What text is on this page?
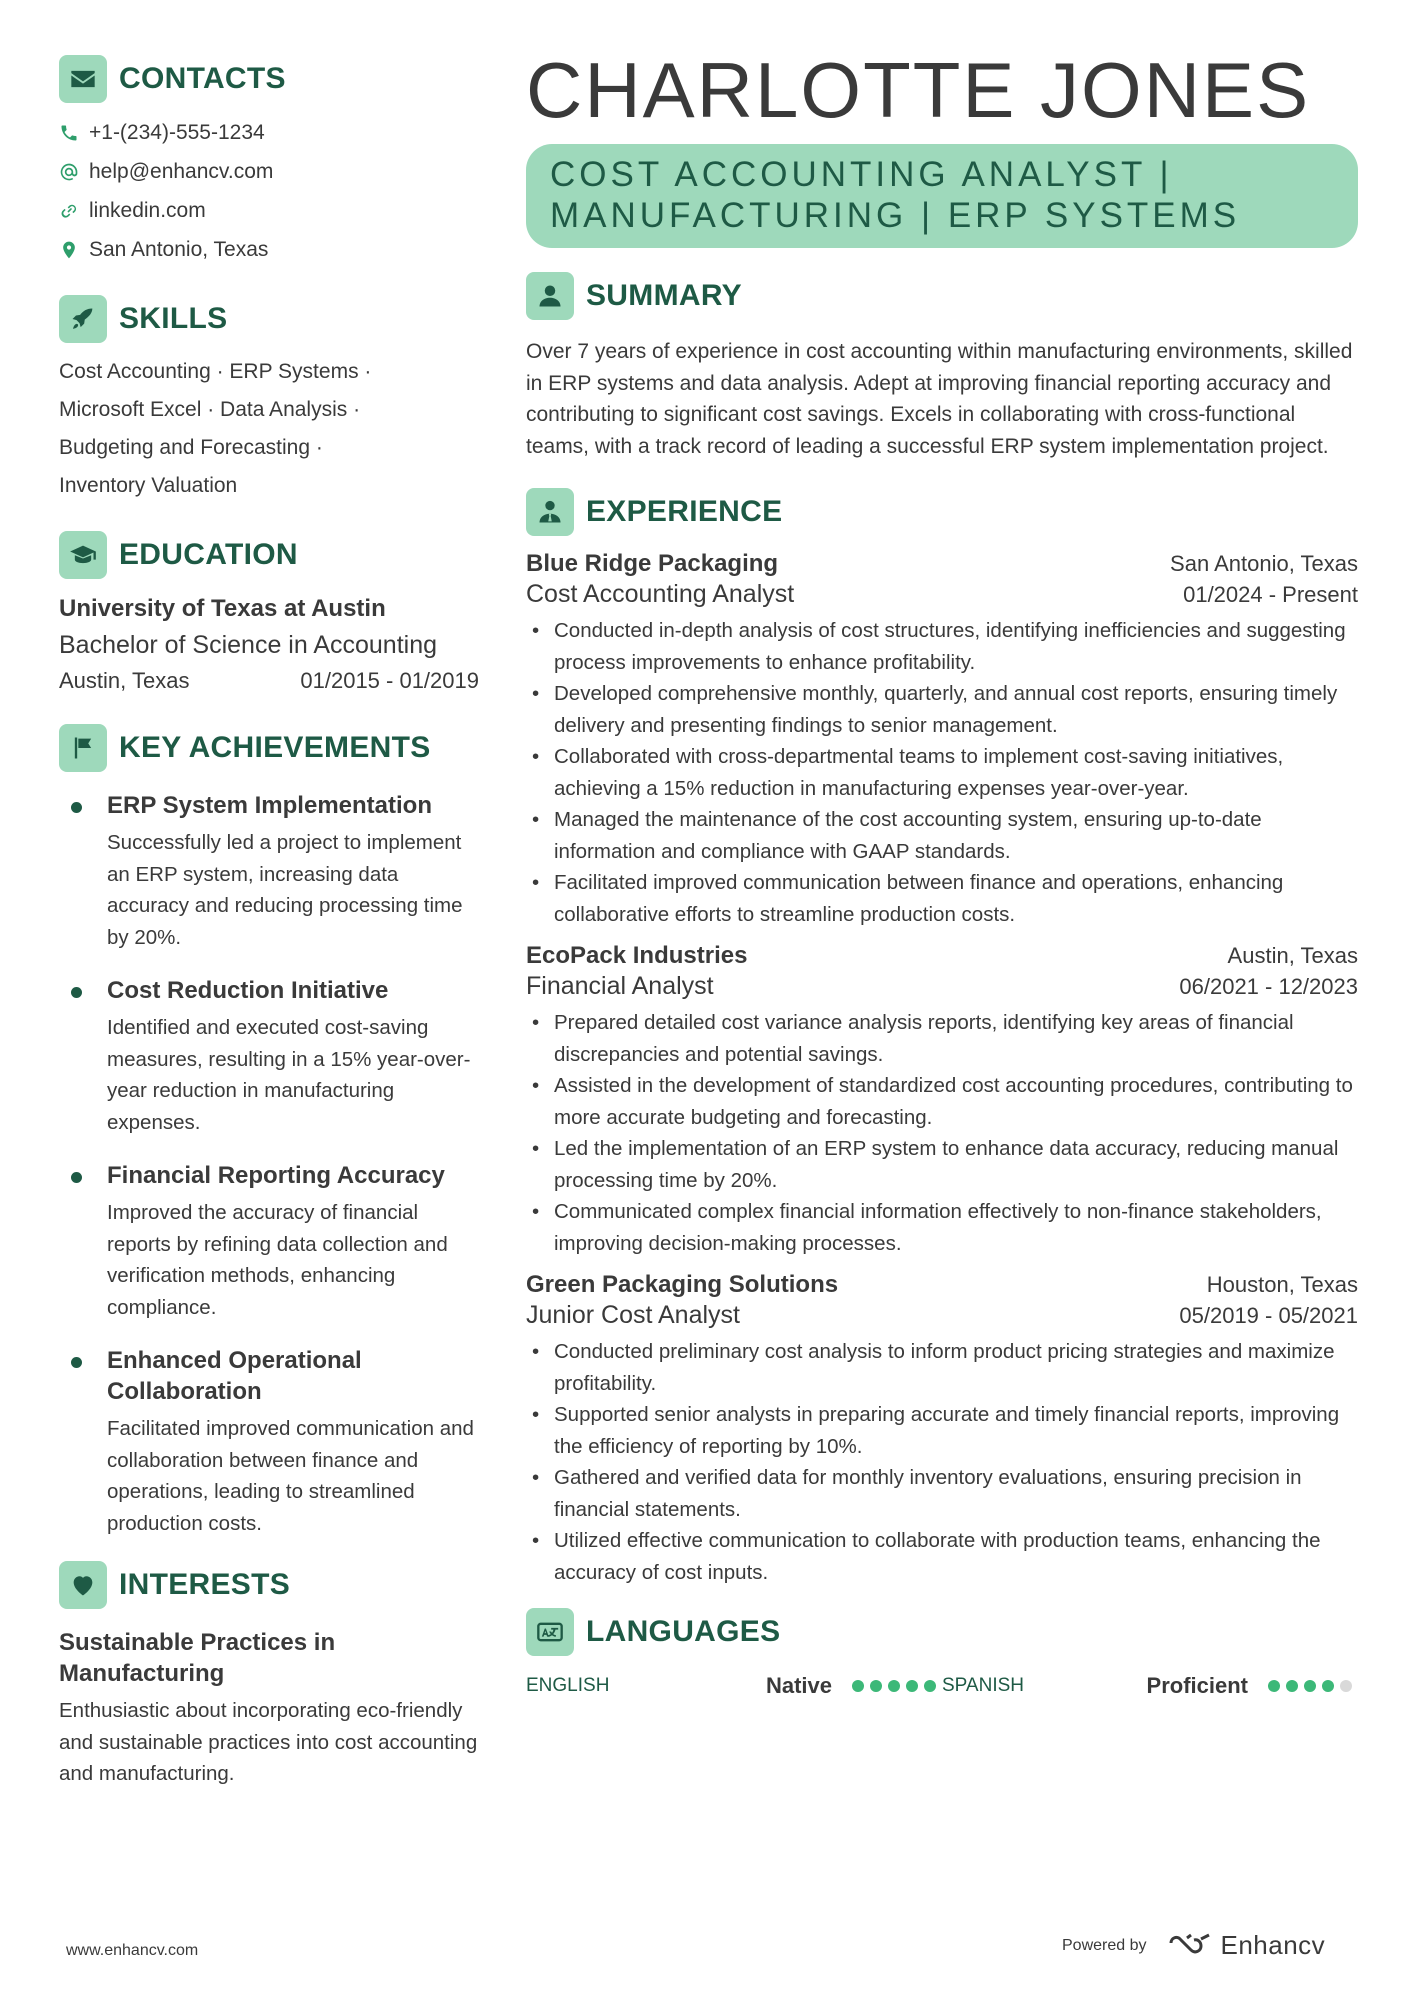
CONTACTS
+1-(234)-555-1234
help@enhancv.com
linkedin.com
San Antonio, Texas
SKILLS
Cost Accounting · ERP Systems ·
Microsoft Excel · Data Analysis ·
Budgeting and Forecasting ·
Inventory Valuation
EDUCATION
University of Texas at Austin
Bachelor of Science in Accounting
Austin, Texas	01/2015 - 01/2019
KEY ACHIEVEMENTS
ERP System Implementation
Successfully led a project to implement an ERP system, increasing data accuracy and reducing processing time by 20%.
Cost Reduction Initiative
Identified and executed cost-saving measures, resulting in a 15% year-over-year reduction in manufacturing expenses.
Financial Reporting Accuracy
Improved the accuracy of financial reports by refining data collection and verification methods, enhancing compliance.
Enhanced Operational Collaboration
Facilitated improved communication and collaboration between finance and operations, leading to streamlined production costs.
INTERESTS
Sustainable Practices in Manufacturing
Enthusiastic about incorporating eco-friendly and sustainable practices into cost accounting and manufacturing.
CHARLOTTE JONES
COST ACCOUNTING ANALYST | MANUFACTURING | ERP SYSTEMS
SUMMARY
Over 7 years of experience in cost accounting within manufacturing environments, skilled in ERP systems and data analysis. Adept at improving financial reporting accuracy and contributing to significant cost savings. Excels in collaborating with cross-functional teams, with a track record of leading a successful ERP system implementation project.
EXPERIENCE
Blue Ridge Packaging	San Antonio, Texas
Cost Accounting Analyst	01/2024 - Present
• Conducted in-depth analysis of cost structures, identifying inefficiencies and suggesting process improvements to enhance profitability.
• Developed comprehensive monthly, quarterly, and annual cost reports, ensuring timely delivery and presenting findings to senior management.
• Collaborated with cross-departmental teams to implement cost-saving initiatives, achieving a 15% reduction in manufacturing expenses year-over-year.
• Managed the maintenance of the cost accounting system, ensuring up-to-date information and compliance with GAAP standards.
• Facilitated improved communication between finance and operations, enhancing collaborative efforts to streamline production costs.
EcoPack Industries	Austin, Texas
Financial Analyst	06/2021 - 12/2023
• Prepared detailed cost variance analysis reports, identifying key areas of financial discrepancies and potential savings.
• Assisted in the development of standardized cost accounting procedures, contributing to more accurate budgeting and forecasting.
• Led the implementation of an ERP system to enhance data accuracy, reducing manual processing time by 20%.
• Communicated complex financial information effectively to non-finance stakeholders, improving decision-making processes.
Green Packaging Solutions	Houston, Texas
Junior Cost Analyst	05/2019 - 05/2021
• Conducted preliminary cost analysis to inform product pricing strategies and maximize profitability.
• Supported senior analysts in preparing accurate and timely financial reports, improving the efficiency of reporting by 10%.
• Gathered and verified data for monthly inventory evaluations, ensuring precision in financial statements.
• Utilized effective communication to collaborate with production teams, enhancing the accuracy of cost inputs.
LANGUAGES
ENGLISH	Native	SPANISH	Proficient
www.enhancv.com	Powered by	Enhancv
